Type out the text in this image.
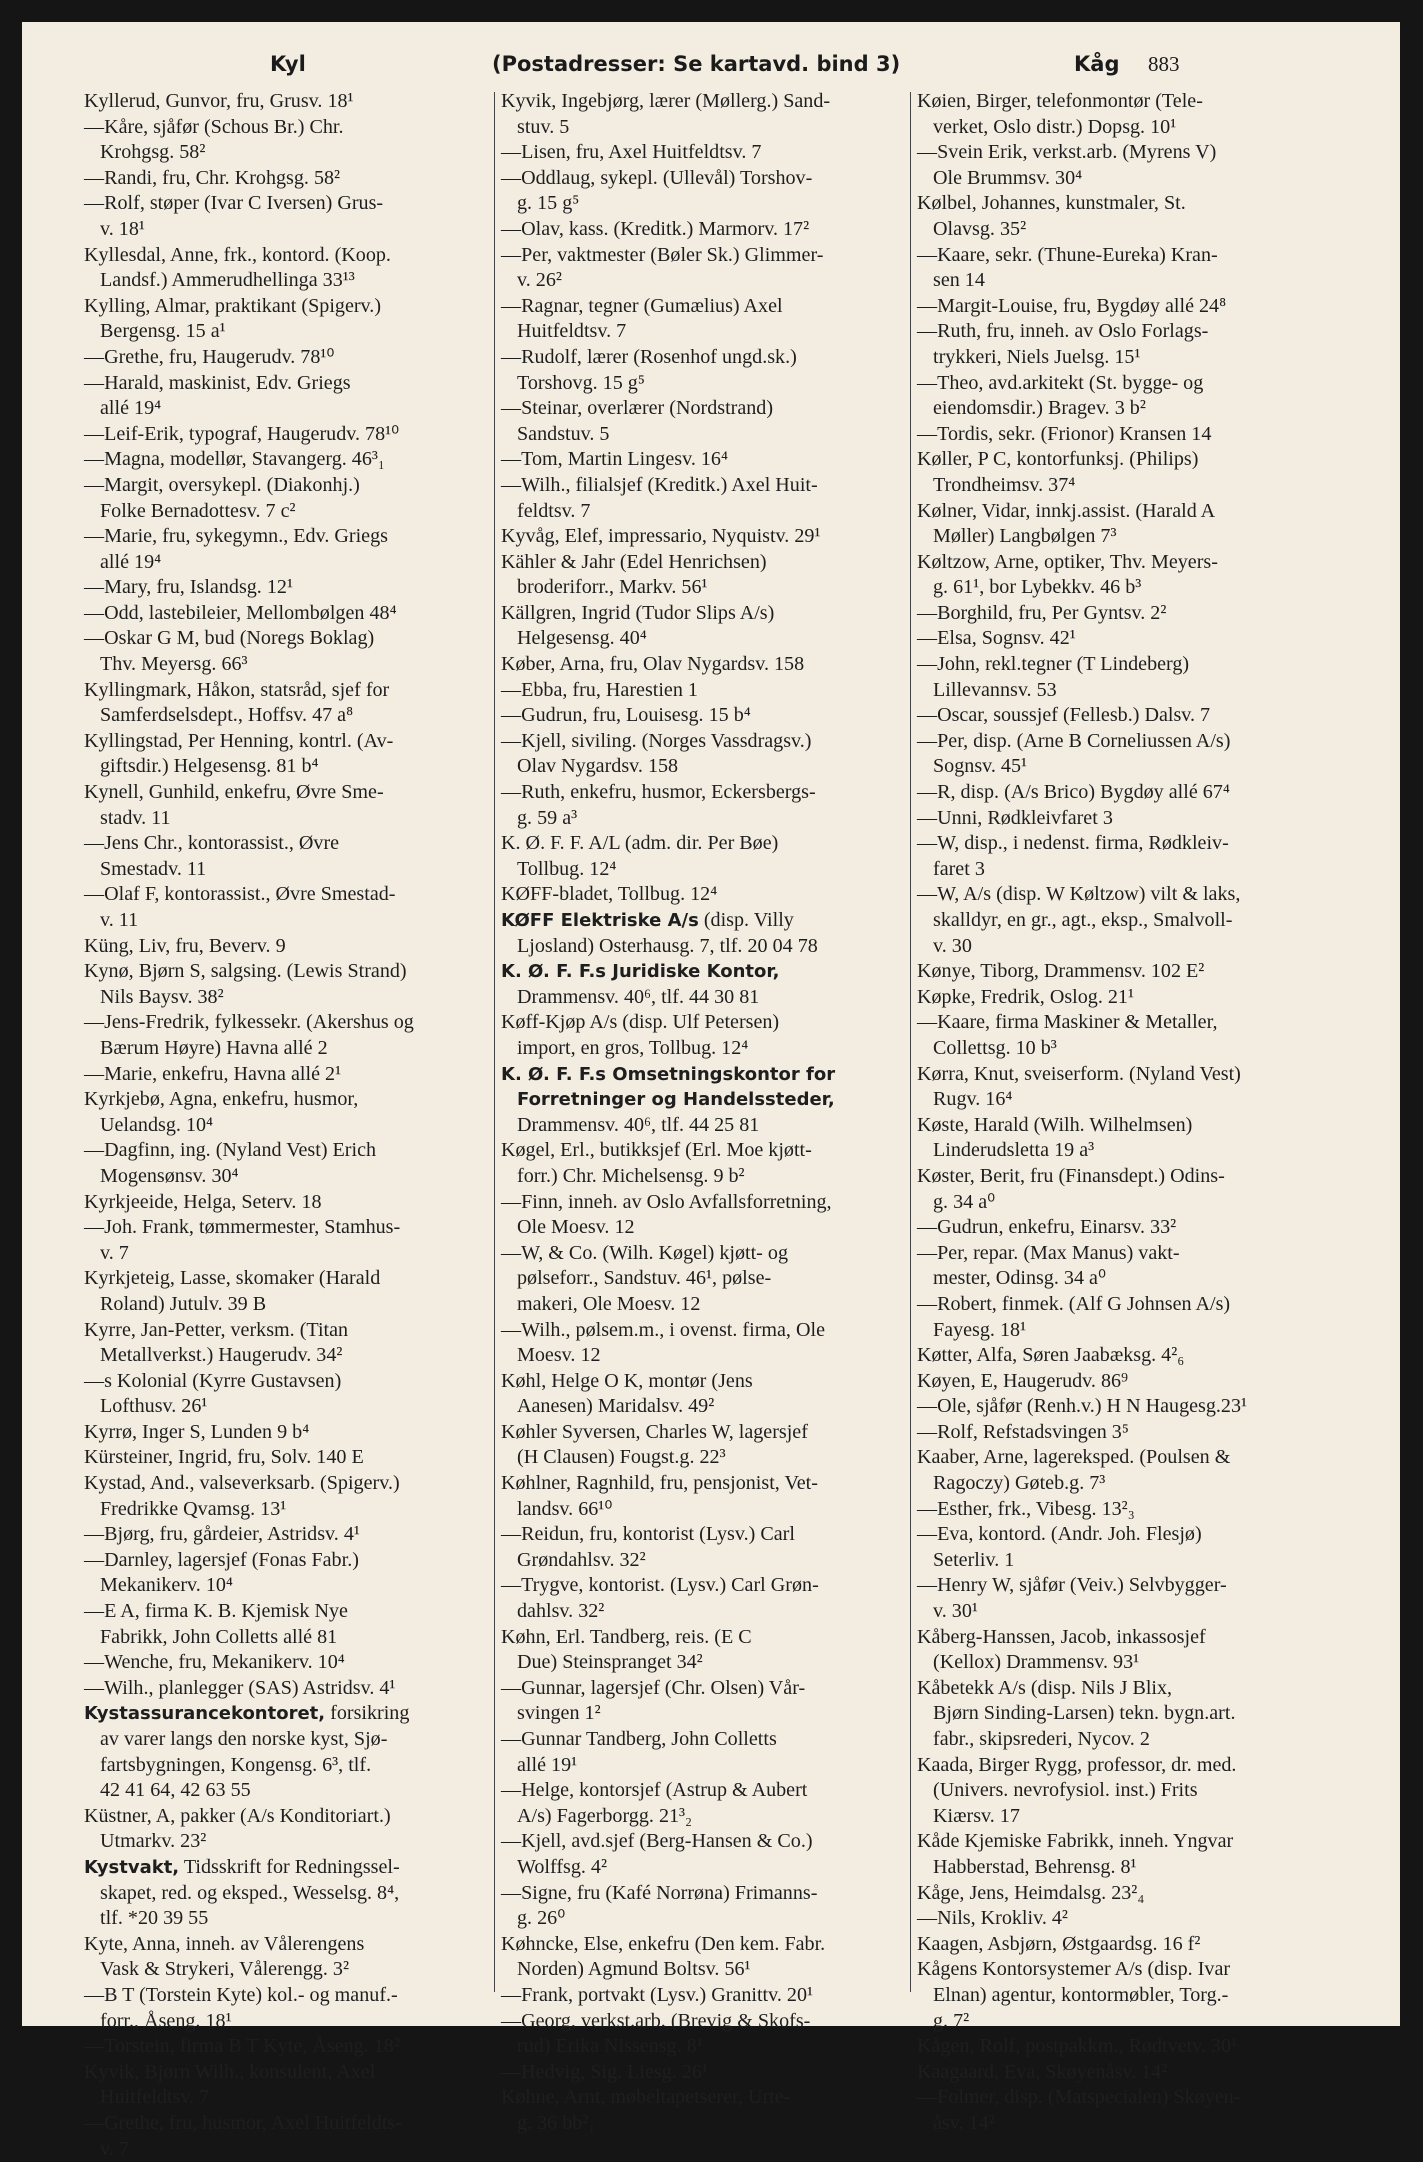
Kyl	(Postadresser: Se kartavd. bind 3)	Kåg 883

Kyllerud, Gunvor, fru, Grusv. 18¹

—Kåre, sjåfør (Schous Br.) Chr.
Krohgsg. 58²

—Randi, fru, Chr. Krohgsg. 58²

—Rolf, støper (Ivar C Iversen) Grus-
v. 18¹

Kyllesdal, Anne, frk., kontord. (Koop.
Landsf.) Ammerudhellinga 33¹³

Kylling, Almar, praktikant (Spigerv.)
Bergensg. 15 a¹

—Grethe, fru, Haugerudv. 78¹⁰

—Harald, maskinist, Edv. Griegs
allé 19⁴

—Leif-Erik, typograf, Haugerudv. 78¹⁰

—Magna, modellør, Stavangerg. 46³₁

—Margit, oversykepl. (Diakonhj.)
Folke Bernadottesv. 7 c²

—Marie, fru, sykegymn., Edv. Griegs
allé 19⁴

—Mary, fru, Islandsg. 12¹

—Odd, lastebileier, Mellombølgen 48⁴

—Oskar G M, bud (Noregs Boklag)
Thv. Meyersg. 66³

Kyllingmark, Håkon, statsråd, sjef for
Samferdselsdept., Hoffsv. 47 a⁸

Kyllingstad, Per Henning, kontrl. (Av-
giftsdir.) Helgesensg. 81 b⁴

Kynell, Gunhild, enkefru, Øvre Sme-
stadv. 11

—Jens Chr., kontorassist., Øvre
Smestadv. 11

—Olaf F, kontorassist., Øvre Smestad-
v. 11

Küng, Liv, fru, Beverv. 9

Kynø, Bjørn S, salgsing. (Lewis Strand)
Nils Baysv. 38²

—Jens-Fredrik, fylkessekr. (Akershus og
Bærum Høyre) Havna allé 2

—Marie, enkefru, Havna allé 2¹

Kyrkjebø, Agna, enkefru, husmor,
Uelandsg. 10⁴

—Dagfinn, ing. (Nyland Vest) Erich
Mogensønsv. 30⁴

Kyrkjeeide, Helga, Seterv. 18

—Joh. Frank, tømmermester, Stamhus-
v. 7

Kyrkjeteig, Lasse, skomaker (Harald
Roland) Jutulv. 39 B

Kyrre, Jan-Petter, verksm. (Titan
Metallverkst.) Haugerudv. 34²

—s Kolonial (Kyrre Gustavsen)
Lofthusv. 26¹

Kyrrø, Inger S, Lunden 9 b⁴

Kürsteiner, Ingrid, fru, Solv. 140 E

Kystad, And., valseverksarb. (Spigerv.)
Fredrikke Qvamsg. 13¹

—Bjørg, fru, gårdeier, Astridsv. 4¹

—Darnley, lagersjef (Fonas Fabr.)
Mekanikerv. 10⁴

—E A, firma K. B. Kjemisk Nye
Fabrikk, John Colletts allé 81

—Wenche, fru, Mekanikerv. 10⁴

—Wilh., planlegger (SAS) Astridsv. 4¹

Kystassurancekontoret, forsikring
av varer langs den norske kyst, Sjø-
fartsbygningen, Kongensg. 6³, tlf.
42 41 64, 42 63 55

Küstner, A, pakker (A/s Konditoriart.)
Utmarkv. 23²

Kystvakt, Tidsskrift for Redningssel-
skapet, red. og eksped., Wesselsg. 8⁴,
tlf. *20 39 55

Kyte, Anna, inneh. av Vålerengens
Vask & Strykeri, Vålerengg. 3²

—B T (Torstein Kyte) kol.- og manuf.-
forr., Åseng. 18¹

—Torstein, firma B T Kyte, Åseng. 18²

Kyvik, Bjørn Wilh., konsulent, Axel
Huitfeldtsv. 7

—Grethe, fru, husmor, Axel Huitfeldts-
v. 7

Kyvik, Ingebjørg, lærer (Møllerg.) Sand-
stuv. 5

—Lisen, fru, Axel Huitfeldtsv. 7

—Oddlaug, sykepl. (Ullevål) Torshov-
g. 15 g⁵

—Olav, kass. (Kreditk.) Marmorv. 17²

—Per, vaktmester (Bøler Sk.) Glimmer-
v. 26²

—Ragnar, tegner (Gumælius) Axel
Huitfeldtsv. 7

—Rudolf, lærer (Rosenhof ungd.sk.)
Torshovg. 15 g⁵

—Steinar, overlærer (Nordstrand)
Sandstuv. 5

—Tom, Martin Lingesv. 16⁴

—Wilh., filialsjef (Kreditk.) Axel Huit-
feldtsv. 7

Kyvåg, Elef, impressario, Nyquistv. 29¹

Kähler & Jahr (Edel Henrichsen)
broderiforr., Markv. 56¹

Källgren, Ingrid (Tudor Slips A/s)
Helgesensg. 40⁴

Køber, Arna, fru, Olav Nygardsv. 158

—Ebba, fru, Harestien 1

—Gudrun, fru, Louisesg. 15 b⁴

—Kjell, siviling. (Norges Vassdragsv.)
Olav Nygardsv. 158

—Ruth, enkefru, husmor, Eckersbergs-
g. 59 a³

K. Ø. F. F. A/L (adm. dir. Per Bøe)
Tollbug. 12⁴

KØFF-bladet, Tollbug. 12⁴

KØFF Elektriske A/s (disp. Villy
Ljosland) Osterhausg. 7, tlf. 20 04 78

K. Ø. F. F.s Juridiske Kontor,
Drammensv. 40⁶, tlf. 44 30 81

Køff-Kjøp A/s (disp. Ulf Petersen)
import, en gros, Tollbug. 12⁴

K. Ø. F. F.s Omsetningskontor for
Forretninger og Handelssteder,
Drammensv. 40⁶, tlf. 44 25 81

Køgel, Erl., butikksjef (Erl. Moe kjøtt-
forr.) Chr. Michelsensg. 9 b²

—Finn, inneh. av Oslo Avfallsforretning,
Ole Moesv. 12

—W, & Co. (Wilh. Køgel) kjøtt- og
pølseforr., Sandstuv. 46¹, pølse-
makeri, Ole Moesv. 12

—Wilh., pølsem.m., i ovenst. firma, Ole
Moesv. 12

Køhl, Helge O K, montør (Jens
Aanesen) Maridalsv. 49²

Køhler Syversen, Charles W, lagersjef
(H Clausen) Fougst.g. 22³

Køhlner, Ragnhild, fru, pensjonist, Vet-
landsv. 66¹⁰

—Reidun, fru, kontorist (Lysv.) Carl
Grøndahlsv. 32²

—Trygve, kontorist. (Lysv.) Carl Grøn-
dahlsv. 32²

Køhn, Erl. Tandberg, reis. (E C
Due) Steinspranget 34²

—Gunnar, lagersjef (Chr. Olsen) Vår-
svingen 1²

—Gunnar Tandberg, John Colletts
allé 19¹

—Helge, kontorsjef (Astrup & Aubert
A/s) Fagerborgg. 21³₂

—Kjell, avd.sjef (Berg-Hansen & Co.)
Wolffsg. 4²

—Signe, fru (Kafé Norrøna) Frimanns-
g. 26⁰

Køhncke, Else, enkefru (Den kem. Fabr.
Norden) Agmund Boltsv. 56¹

—Frank, portvakt (Lysv.) Granittv. 20¹

—Georg, verkst.arb. (Brevig & Skofs-
rud) Erika Nissensg. 8¹

—Hedvig, Sig. Liesg. 26¹

Køhne, Arnt, møbeltapetserer, Urte-
g. 36 bb²₁

Køien, Birger, telefonmontør (Tele-
verket, Oslo distr.) Dopsg. 10¹

—Svein Erik, verkst.arb. (Myrens V)
Ole Brummsv. 30⁴

Kølbel, Johannes, kunstmaler, St.
Olavsg. 35²

—Kaare, sekr. (Thune-Eureka) Kran-
sen 14

—Margit-Louise, fru, Bygdøy allé 24⁸

—Ruth, fru, inneh. av Oslo Forlags-
trykkeri, Niels Juelsg. 15¹

—Theo, avd.arkitekt (St. bygge- og
eiendomsdir.) Bragev. 3 b²

—Tordis, sekr. (Frionor) Kransen 14

Køller, P C, kontorfunksj. (Philips)
Trondheimsv. 37⁴

Kølner, Vidar, innkj.assist. (Harald A
Møller) Langbølgen 7³

Køltzow, Arne, optiker, Thv. Meyers-
g. 61¹, bor Lybekkv. 46 b³

—Borghild, fru, Per Gyntsv. 2²

—Elsa, Sognsv. 42¹

—John, rekl.tegner (T Lindeberg)
Lillevannsv. 53

—Oscar, soussjef (Fellesb.) Dalsv. 7

—Per, disp. (Arne B Corneliussen A/s)
Sognsv. 45¹

—R, disp. (A/s Brico) Bygdøy allé 67⁴

—Unni, Rødkleivfaret 3

—W, disp., i nedenst. firma, Rødkleiv-
faret 3

—W, A/s (disp. W Køltzow) vilt & laks,
skalldyr, en gr., agt., eksp., Smalvoll-
v. 30

Kønye, Tiborg, Drammensv. 102 E²

Køpke, Fredrik, Oslog. 21¹

—Kaare, firma Maskiner & Metaller,
Collettsg. 10 b³

Kørra, Knut, sveiserform. (Nyland Vest)
Rugv. 16⁴

Køste, Harald (Wilh. Wilhelmsen)
Linderudsletta 19 a³

Køster, Berit, fru (Finansdept.) Odins-
g. 34 a⁰

—Gudrun, enkefru, Einarsv. 33²

—Per, repar. (Max Manus) vakt-
mester, Odinsg. 34 a⁰

—Robert, finmek. (Alf G Johnsen A/s)
Fayesg. 18¹

Køtter, Alfa, Søren Jaabæksg. 4²₆

Køyen, E, Haugerudv. 86⁹

—Ole, sjåfør (Renh.v.) H N Haugesg.23¹

—Rolf, Refstadsvingen 3⁵

Kaaber, Arne, lagereksped. (Poulsen &
Ragoczy) Gøteb.g. 7³

—Esther, frk., Vibesg. 13²₃

—Eva, kontord. (Andr. Joh. Flesjø)
Seterliv. 1

—Henry W, sjåfør (Veiv.) Selvbygger-
v. 30¹

Kåberg-Hanssen, Jacob, inkassosjef
(Kellox) Drammensv. 93¹

Kåbetekk A/s (disp. Nils J Blix,
Bjørn Sinding-Larsen) tekn. bygn.art.
fabr., skipsrederi, Nycov. 2

Kaada, Birger Rygg, professor, dr. med.
(Univers. nevrofysiol. inst.) Frits
Kiærsv. 17

Kåde Kjemiske Fabrikk, inneh. Yngvar
Habberstad, Behrensg. 8¹

Kåge, Jens, Heimdalsg. 23²₄

—Nils, Krokliv. 4²

Kaagen, Asbjørn, Østgaardsg. 16 f²

Kågens Kontorsystemer A/s (disp. Ivar
Elnan) agentur, kontormøbler, Torg.-
g. 7²

Kågen, Rolf, postpakkm., Rødtvetv. 30¹

Kaagaard, Eva, Skøyenåsv. 14²

—Folmer, disp. (Matspecialen) Skøyen-
åsv. 14²
